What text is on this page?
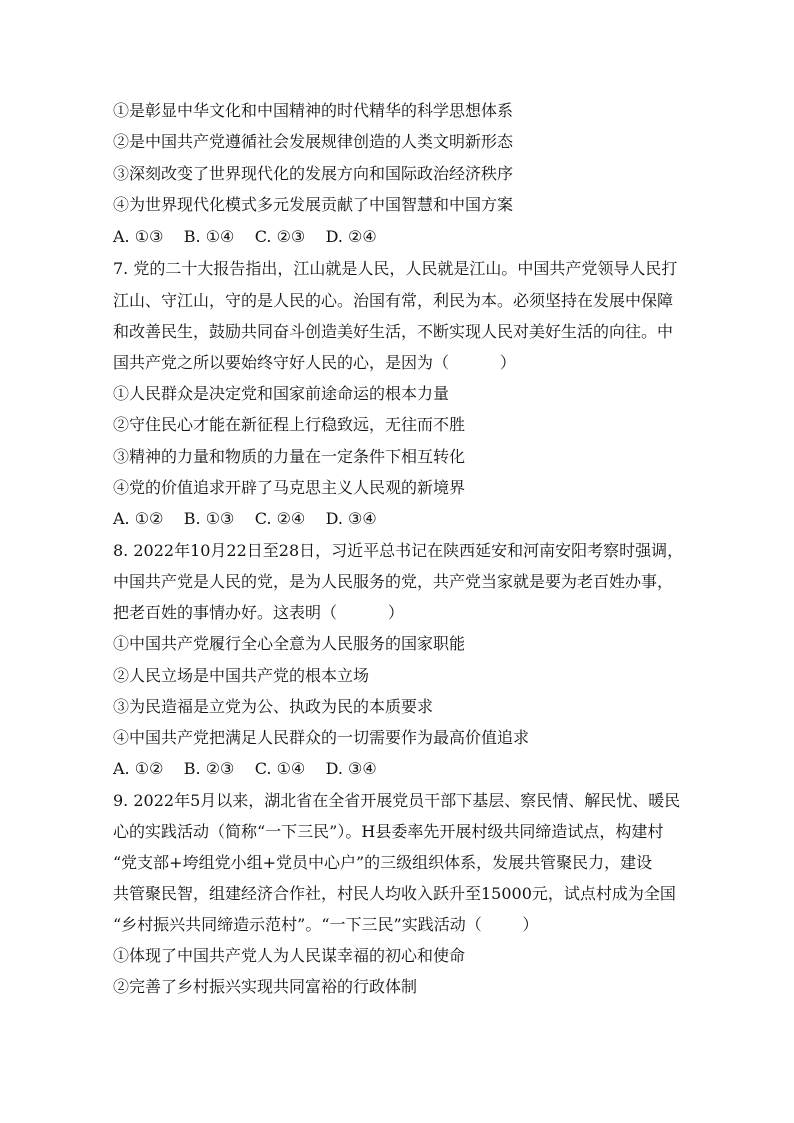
①是彰显中华文化和中国精神的时代精华的科学思想体系

②是中国共产党遵循社会发展规律创造的人类文明新形态

③深刻改变了世界现代化的发展方向和国际政治经济秩序

④为世界现代化模式多元发展贡献了中国智慧和中国方案

A. ①③    B. ①④    C. ②③    D. ②④

7. 党的二十大报告指出，江山就是人民，人民就是江山。中国共产党领导人民打

江山、守江山，守的是人民的心。治国有常，利民为本。必须坚持在发展中保障

和改善民生，鼓励共同奋斗创造美好生活，不断实现人民对美好生活的向往。中

国共产党之所以要始终守好人民的心，是因为（          ）

①人民群众是决定党和国家前途命运的根本力量

②守住民心才能在新征程上行稳致远，无往而不胜

③精神的力量和物质的力量在一定条件下相互转化

④党的价值追求开辟了马克思主义人民观的新境界

A. ①②    B. ①③    C. ②④    D. ③④

8. 2022年10月22日至28日，习近平总书记在陕西延安和河南安阳考察时强调，

中国共产党是人民的党，是为人民服务的党，共产党当家就是要为老百姓办事，

把老百姓的事情办好。这表明（          ）

①中国共产党履行全心全意为人民服务的国家职能

②人民立场是中国共产党的根本立场

③为民造福是立党为公、执政为民的本质要求

④中国共产党把满足人民群众的一切需要作为最高价值追求

A. ①②    B. ②③    C. ①④    D. ③④

9. 2022年5月以来，湖北省在全省开展党员干部下基层、察民情、解民忧、暖民

心的实践活动（简称“一下三民”）。H县委率先开展村级共同缔造试点，构建村

“党支部+垮组党小组+党员中心户”的三级组织体系，发展共管聚民力，建设

共管聚民智，组建经济合作社，村民人均收入跃升至15000元，试点村成为全国

“乡村振兴共同缔造示范村”。“一下三民”实践活动（        ）

①体现了中国共产党人为人民谋幸福的初心和使命

②完善了乡村振兴实现共同富裕的行政体制
